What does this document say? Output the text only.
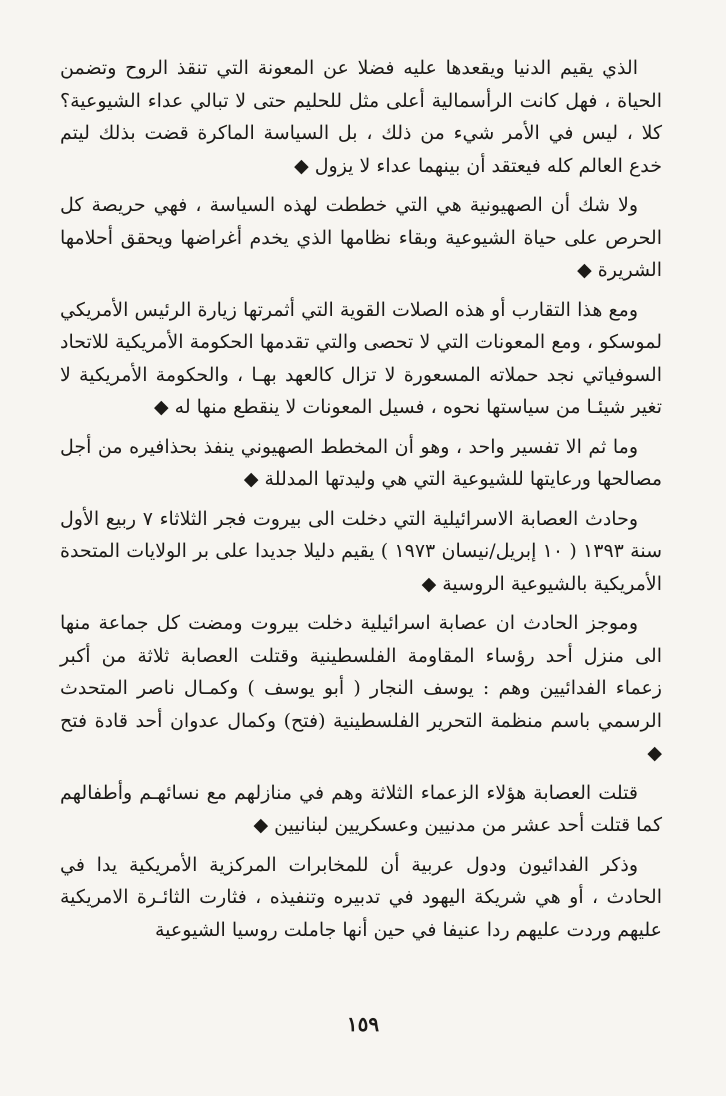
الذي يقيم الدنيا ويقعدها عليه فضلا عن المعونة التي تنقذ الروح وتضمن الحياة ، فهل كانت الرأسمالية أعلى مثل للحليم حتى لا تبالي عداء الشيوعية؟ كلا ، ليس في الأمر شيء من ذلك ، بل السياسة الماكرة قضت بذلك ليتم خدع العالم كله فيعتقد أن بينهما عداء لا يزول ◆

ولا شك أن الصهيونية هي التي خططت لهذه السياسة ، فهي حريصة كل الحرص على حياة الشيوعية وبقاء نظامها الذي يخدم أغراضها ويحقق أحلامها الشريرة ◆

ومع هذا التقارب أو هذه الصلات القوية التي أثمرتها زيارة الرئيس الأمريكي لموسكو ، ومع المعونات التي لا تحصى والتي تقدمها الحكومة الأمريكية للاتحاد السوفياتي نجد حملاته المسعورة لا تزال كالعهد بهـا ، والحكومة الأمريكية لا تغير شيئـا من سياستها نحوه ، فسيل المعونات لا ينقطع منها له ◆

وما ثم الا تفسير واحد ، وهو أن المخطط الصهيوني ينفذ بحذافيره من أجل مصالحها ورعايتها للشيوعية التي هي وليدتها المدللة ◆

وحادث العصابة الاسرائيلية التي دخلت الى بيروت فجر الثلاثاء ٧ ربيع الأول سنة ١٣٩٣ ( ١٠ إبريل/نيسان ١٩٧٣ ) يقيم دليلا جديدا على بر الولايات المتحدة الأمريكية بالشيوعية الروسية ◆

وموجز الحادث ان عصابة اسرائيلية دخلت بيروت ومضت كل جماعة منها الى منزل أحد رؤساء المقاومة الفلسطينية وقتلت العصابة ثلاثة من أكبر زعماء الفدائيين وهم : يوسف النجار ( أبو يوسف ) وكمـال ناصر المتحدث الرسمي باسم منظمة التحرير الفلسطينية (فتح) وكمال عدوان أحد قادة فتح ◆

قتلت العصابة هؤلاء الزعماء الثلاثة وهم في منازلهم مع نسائهـم وأطفالهم كما قتلت أحد عشر من مدنيين وعسكريين لبنانيين ◆

وذكر الفدائيون ودول عربية أن للمخابرات المركزية الأمريكية يدا في الحادث ، أو هي شريكة اليهود في تدبيره وتنفيذه ، فثارت الثائـرة الامريكية عليهم وردت عليهم ردا عنيفا في حين أنها جاملت روسيا الشيوعية

١٥٩
